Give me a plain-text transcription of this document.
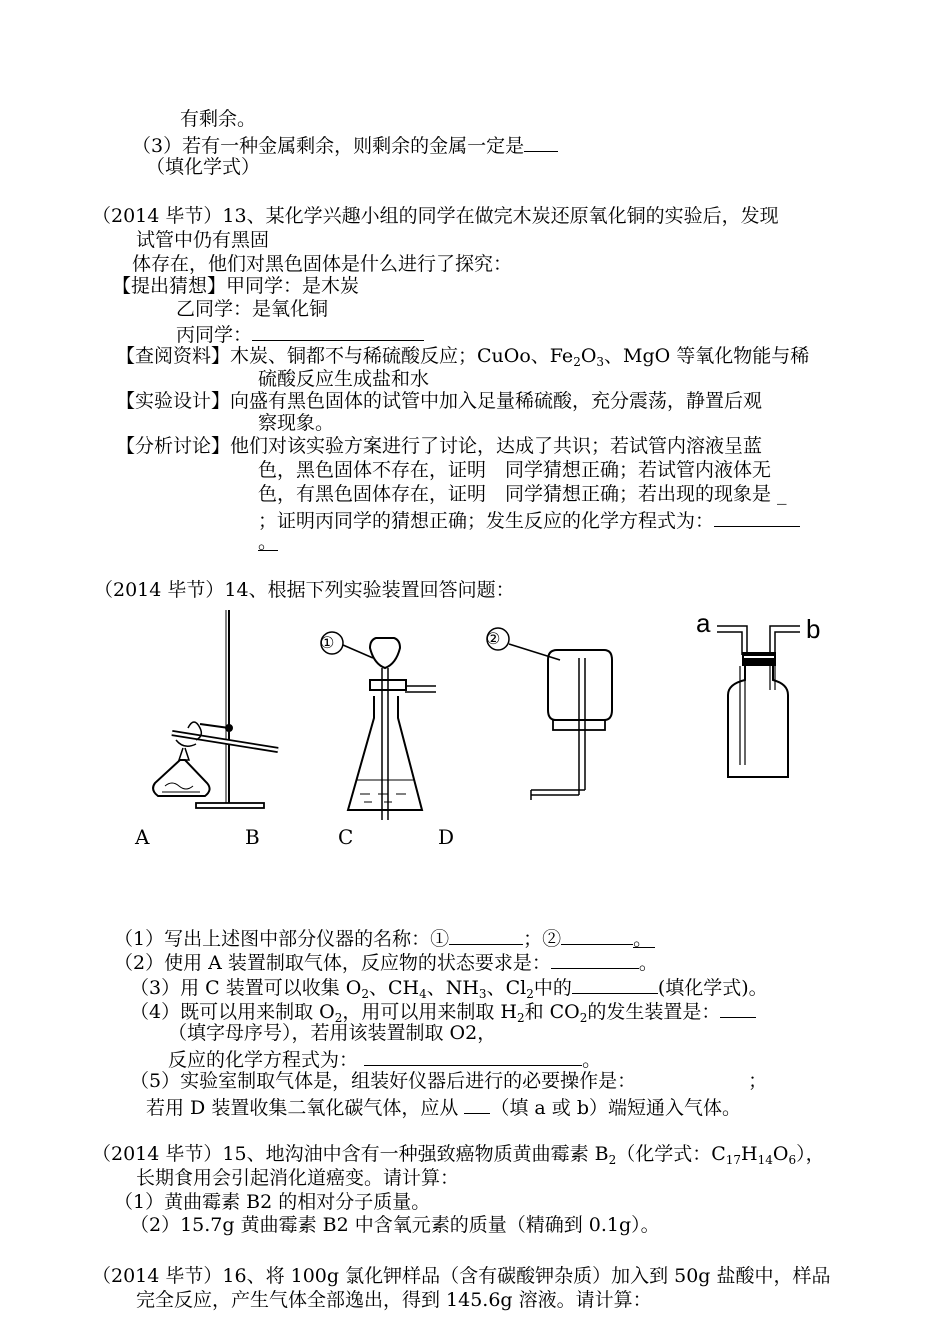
有剩余。
（3）若有一种金属剩余，则剩余的金属一定是
（填化学式）
（2014 毕节）13、某化学兴趣小组的同学在做完木炭还原氧化铜的实验后，发现
试管中仍有黑固
体存在，他们对黑色固体是什么进行了探究：
【提出猜想】甲同学：是木炭
乙同学：是氧化铜
丙同学：
【查阅资料】木炭、铜都不与稀硫酸反应；CuOo、$Fe_2O_3$、MgO 等氧化物能与稀
硫酸反应生成盐和水
【实验设计】向盛有黑色固体的试管中加入足量稀硫酸，充分震荡，静置后观
察现象。
【分析讨论】他们对该实验方案进行了讨论，达成了共识；若试管内溶液呈蓝
色，黑色固体不存在，证明　同学猜想正确；若试管内液体无
色，有黑色固体存在，证明　同学猜想正确；若出现的现象是 _
；证明丙同学的猜想正确；发生反应的化学方程式为：
。
（2014 毕节）14、根据下列实验装置回答问题：
①	②
a	b
A	B	C	D
（1）写出上述图中部分仪器的名称：①	；②	。
（2）使用 A 装置制取气体，反应物的状态要求是：	。
（3）用 C 装置可以收集 $O_2$、$CH_4$、$NH_3$、$Cl_2$中的	(填化学式)。
（4）既可以用来制取 $O_2$，用可以用来制取 $H_2$和 $CO_2$的发生装置是：
（填字母序号），若用该装置制取 O2，
反应的化学方程式为：	。
（5）实验室制取气体是，组装好仪器后进行的必要操作是：	；
若用 D 装置收集二氧化碳气体，应从 （填 a 或 b）端短通入气体。
（2014 毕节）15、地沟油中含有一种强致癌物质黄曲霉素 $B_2$（化学式：$C_{17}H_{14}O_6$），
长期食用会引起消化道癌变。请计算：
（1）黄曲霉素 B2 的相对分子质量。
（2）15.7g 黄曲霉素 B2 中含氧元素的质量（精确到 0.1g）。
（2014 毕节）16、将 100g 氯化钾样品（含有碳酸钾杂质）加入到 50g 盐酸中，样品
完全反应，产生气体全部逸出，得到 145.6g 溶液。请计算：
